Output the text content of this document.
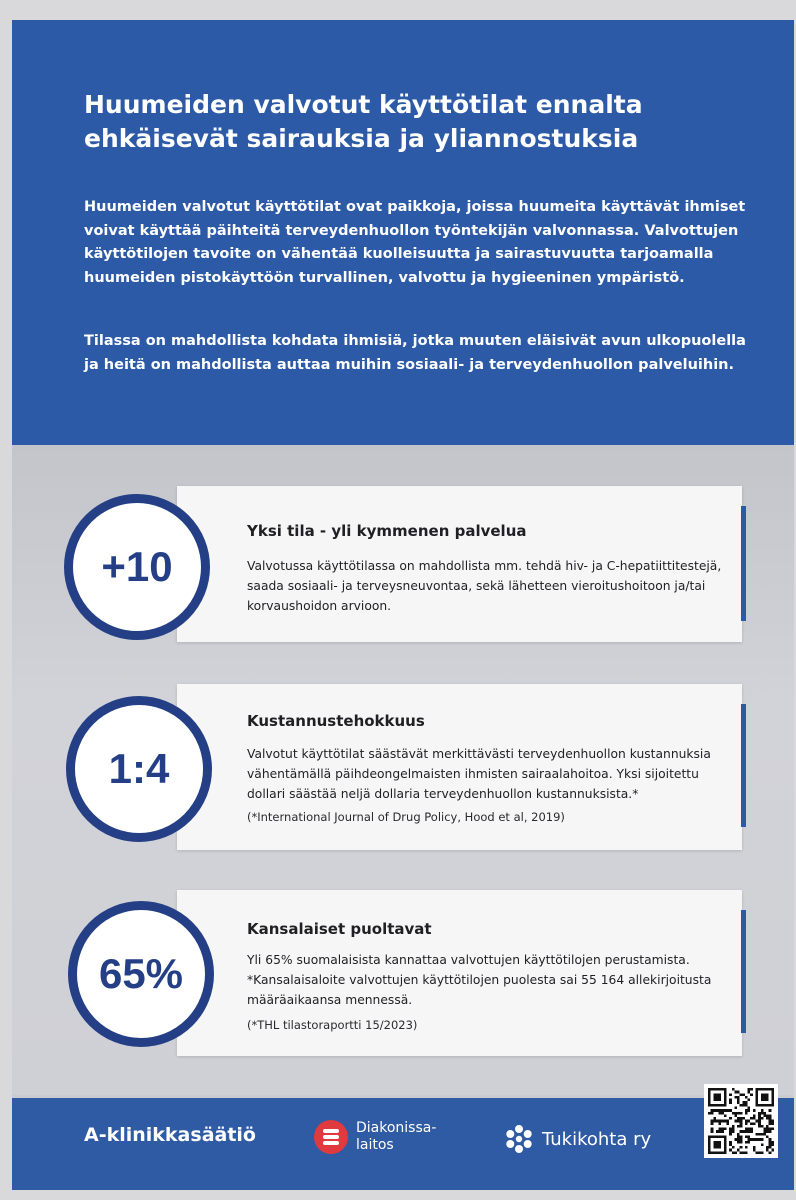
Huumeiden valvotut käyttötilat ennalta ehkäisevät sairauksia ja yliannostuksia

Huumeiden valvotut käyttötilat ovat paikkoja, joissa huumeita käyttävät ihmiset voivat käyttää päihteitä terveydenhuollon työntekijän valvonnassa. Valvottujen käyttötilojen tavoite on vähentää kuolleisuutta ja sairastuvuutta tarjoamalla huumeiden pistokäyttöön turvallinen, valvottu ja hygieeninen ympäristö.

Tilassa on mahdollista kohdata ihmisiä, jotka muuten eläisivät avun ulkopuolella ja heitä on mahdollista auttaa muihin sosiaali- ja terveydenhuollon palveluihin.

Yksi tila - yli kymmenen palvelua

Valvotussa käyttötilassa on mahdollista mm. tehdä hiv- ja C-hepatiittitestejä, saada sosiaali- ja terveysneuvontaa, sekä lähetteen vieroitushoitoon ja/tai korvaushoidon arvioon.

+10

Kustannustehokkuus

Valvotut käyttötilat säästävät merkittävästi terveydenhuollon kustannuksia vähentämällä päihdeongelmaisten ihmisten sairaalahoitoa. Yksi sijoitettu dollari säästää neljä dollaria terveydenhuollon kustannuksista.*

(*International Journal of Drug Policy, Hood et al, 2019)

1:4

Kansalaiset puoltavat

Yli 65% suomalaisista kannattaa valvottujen käyttötilojen perustamista. *Kansalaisaloite valvottujen käyttötilojen puolesta sai 55 164 allekirjoitusta määräaikaansa mennessä.

(*THL tilastoraportti 15/2023)

65%

A-klinikkasäätiö	Diakonissa- laitos	Tukikohta ry
